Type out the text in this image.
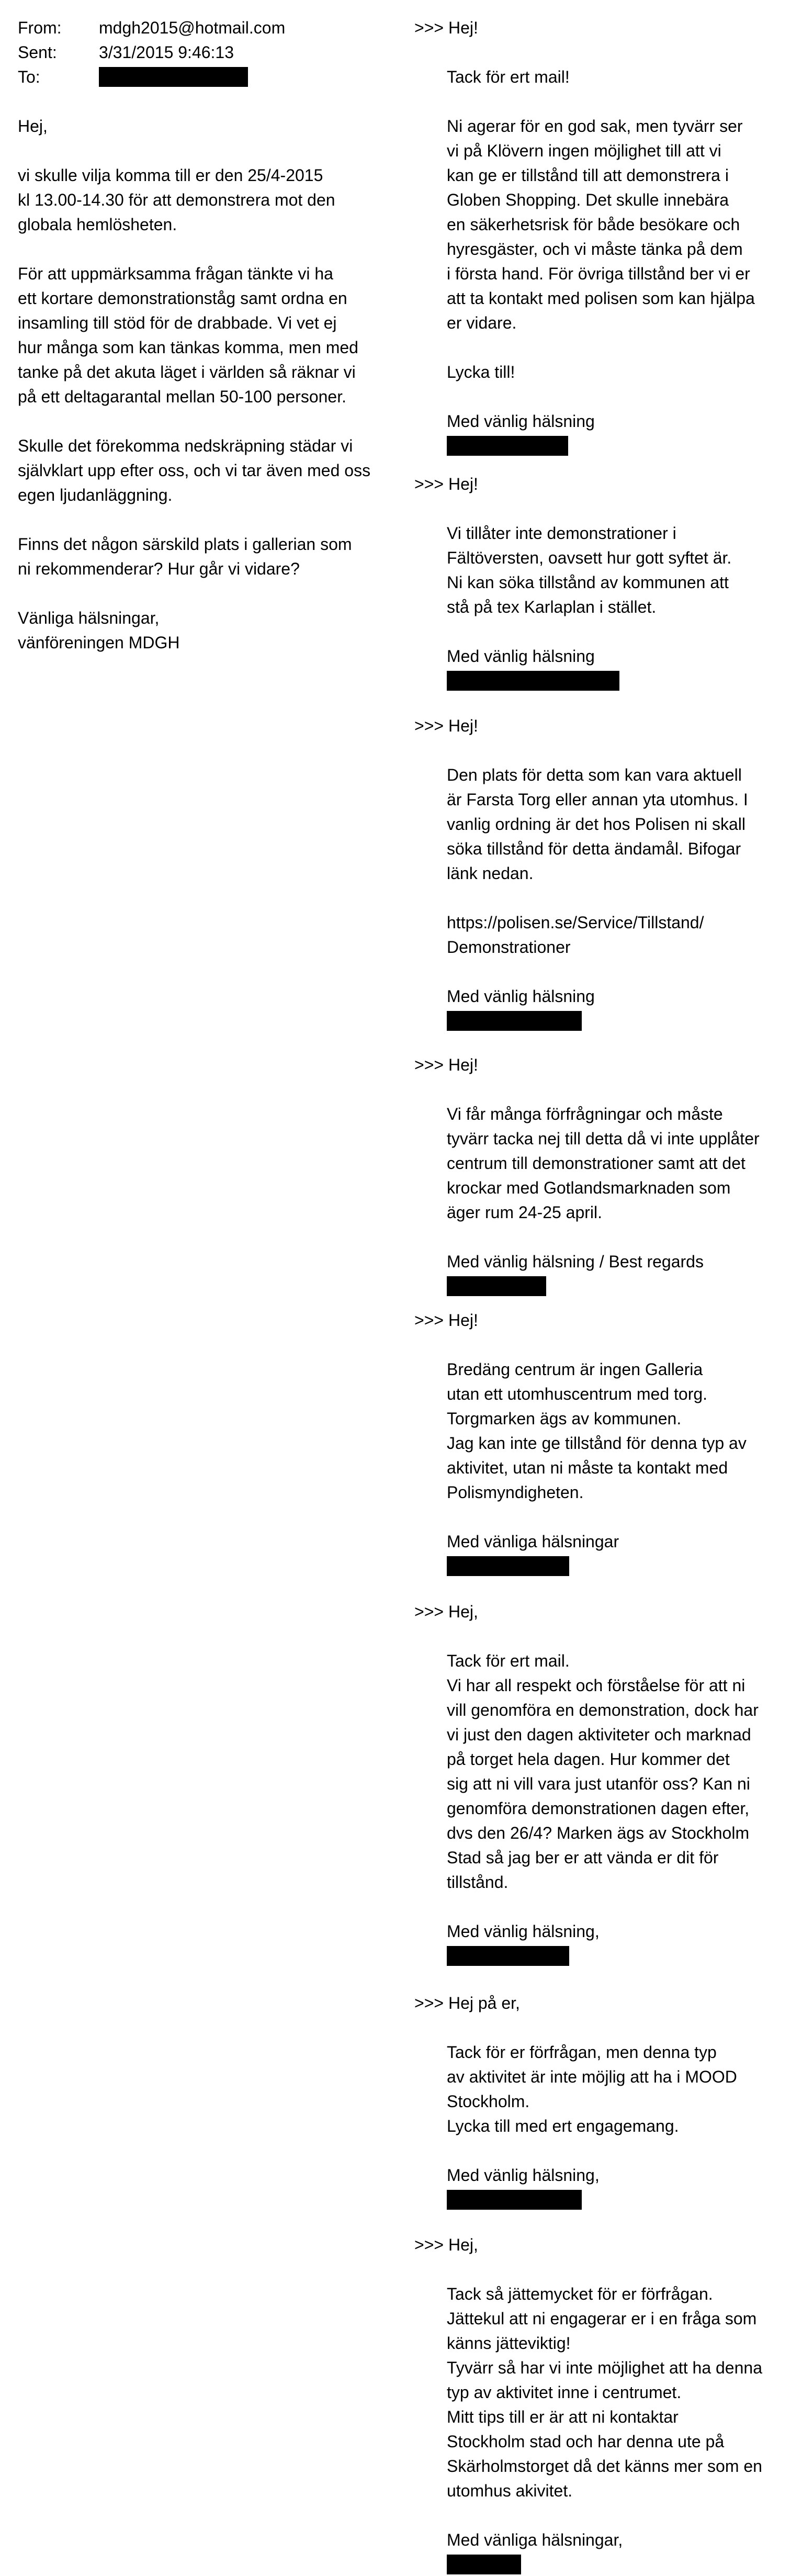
From:	mdgh2015@hotmail.com
Sent:	3/31/2015 9:46:13
To:
Hej,
vi skulle vilja komma till er den 25/4-2015
kl 13.00-14.30 för att demonstrera mot den
globala hemlösheten.
För att uppmärksamma frågan tänkte vi ha
ett kortare demonstrationståg samt ordna en
insamling till stöd för de drabbade. Vi vet ej
hur många som kan tänkas komma, men med
tanke på det akuta läget i världen så räknar vi
på ett deltagarantal mellan 50-100 personer.
Skulle det förekomma nedskräpning städar vi
självklart upp efter oss, och vi tar även med oss
egen ljudanläggning.
Finns det någon särskild plats i gallerian som
ni rekommenderar? Hur går vi vidare?
Vänliga hälsningar,
vänföreningen MDGH
>>> Hej!
Tack för ert mail!
Ni agerar för en god sak, men tyvärr ser
vi på Klövern ingen möjlighet till att vi
kan ge er tillstånd till att demonstrera i
Globen Shopping. Det skulle innebära
en säkerhetsrisk för både besökare och
hyresgäster, och vi måste tänka på dem
i första hand. För övriga tillstånd ber vi er
att ta kontakt med polisen som kan hjälpa
er vidare.
Lycka till!
Med vänlig hälsning
>>> Hej!
Vi tillåter inte demonstrationer i
Fältöversten, oavsett hur gott syftet är.
Ni kan söka tillstånd av kommunen att
stå på tex Karlaplan i stället.
Med vänlig hälsning
>>> Hej!
Den plats för detta som kan vara aktuell
är Farsta Torg eller annan yta utomhus. I
vanlig ordning är det hos Polisen ni skall
söka tillstånd för detta ändamål. Bifogar
länk nedan.
https://polisen.se/Service/Tillstand/
Demonstrationer
Med vänlig hälsning
>>> Hej!
Vi får många förfrågningar och måste
tyvärr tacka nej till detta då vi inte upplåter
centrum till demonstrationer samt att det
krockar med Gotlandsmarknaden som
äger rum 24-25 april.
Med vänlig hälsning / Best regards
>>> Hej!
Bredäng centrum är ingen Galleria
utan ett utomhuscentrum med torg.
Torgmarken ägs av kommunen.
Jag kan inte ge tillstånd för denna typ av
aktivitet, utan ni måste ta kontakt med
Polismyndigheten.
Med vänliga hälsningar
>>> Hej,
Tack för ert mail.
Vi har all respekt och förståelse för att ni
vill genomföra en demonstration, dock har
vi just den dagen aktiviteter och marknad
på torget hela dagen. Hur kommer det
sig att ni vill vara just utanför oss? Kan ni
genomföra demonstrationen dagen efter,
dvs den 26/4? Marken ägs av Stockholm
Stad så jag ber er att vända er dit för
tillstånd.
Med vänlig hälsning,
>>> Hej på er,
Tack för er förfrågan, men denna typ
av aktivitet är inte möjlig att ha i MOOD
Stockholm.
Lycka till med ert engagemang.
Med vänlig hälsning,
>>> Hej,
Tack så jättemycket för er förfrågan.
Jättekul att ni engagerar er i en fråga som
känns jätteviktig!
Tyvärr så har vi inte möjlighet att ha denna
typ av aktivitet inne i centrumet.
Mitt tips till er är att ni kontaktar
Stockholm stad och har denna ute på
Skärholmstorget då det känns mer som en
utomhus akivitet.
Med vänliga hälsningar,
